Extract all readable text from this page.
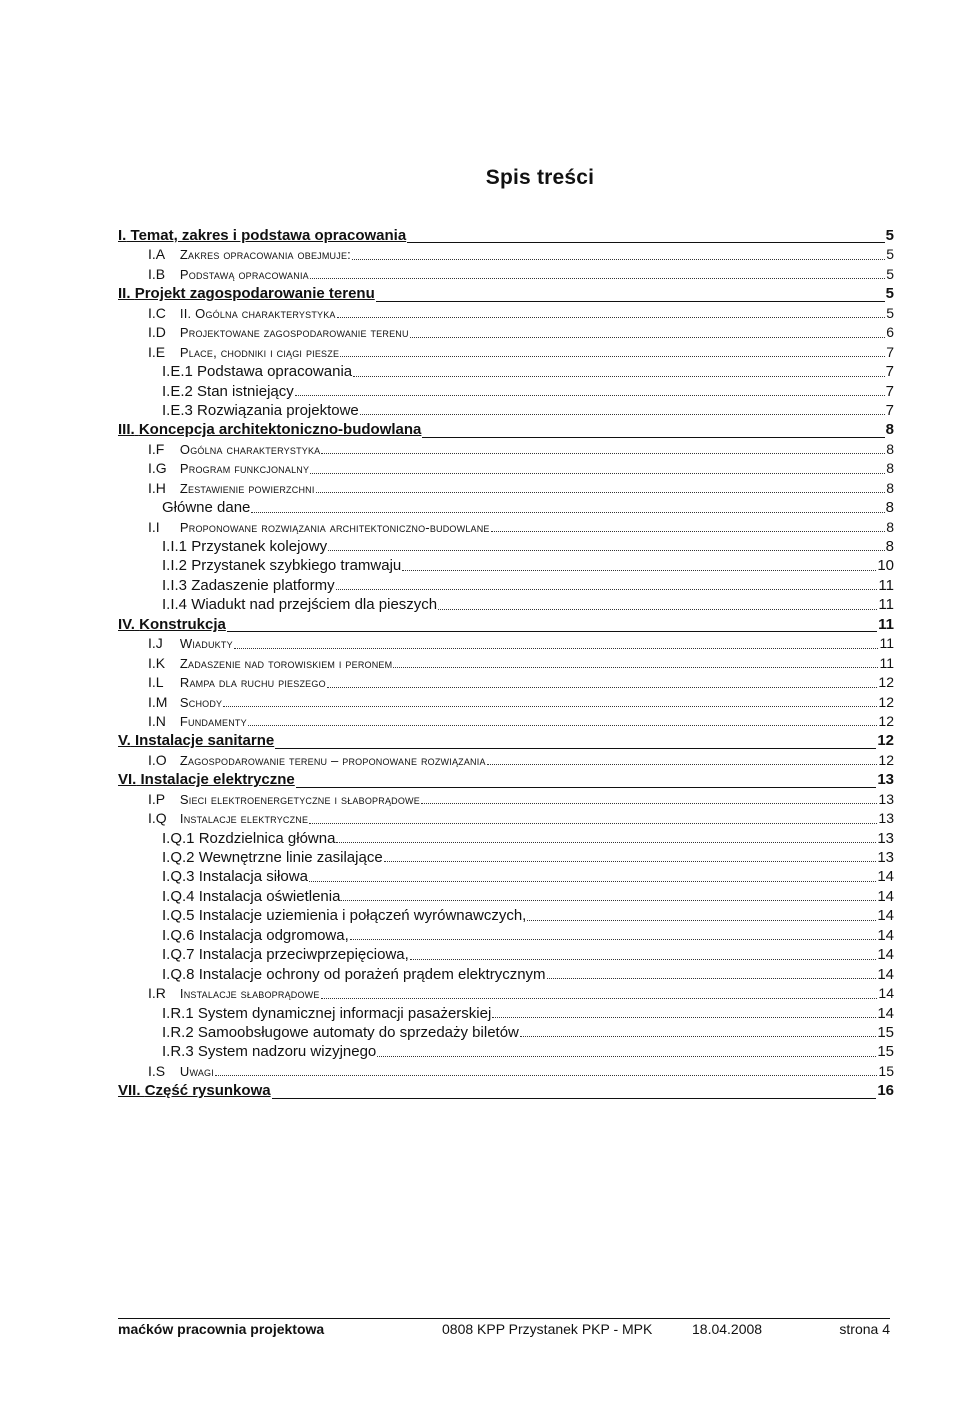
Spis treści
I. Temat, zakres i podstawa opracowania	5
I.A Zakres opracowania obejmuje:	5
I.B Podstawą opracowania	5
II. Projekt zagospodarowanie terenu	5
I.C II. Ogólna charakterystyka	5
I.D Projektowane zagospodarowanie terenu	6
I.E Place, chodniki i ciągi piesze	7
I.E.1 Podstawa opracowania	7
I.E.2 Stan istniejący	7
I.E.3 Rozwiązania projektowe	7
III. Koncepcja architektoniczno-budowlana	8
I.F Ogólna charakterystyka	8
I.G Program funkcjonalny	8
I.H Zestawienie powierzchni	8
Główne dane	8
I.I Proponowane rozwiązania architektoniczno-budowlane	8
I.I.1 Przystanek kolejowy	8
I.I.2 Przystanek szybkiego tramwaju	10
I.I.3 Zadaszenie platformy	11
I.I.4 Wiadukt nad przejściem dla pieszych	11
IV. Konstrukcja	11
I.J Wiadukty	11
I.K Zadaszenie nad torowiskiem i peronem	11
I.L Rampa dla ruchu pieszego	12
I.M Schody	12
I.N Fundamenty	12
V. Instalacje sanitarne	12
I.O Zagospodarowanie terenu – proponowane rozwiązania	12
VI. Instalacje elektryczne	13
I.P Sieci elektroenergetyczne i słaboprądowe	13
I.Q Instalacje elektryczne	13
I.Q.1 Rozdzielnica główna	13
I.Q.2 Wewnętrzne linie zasilające	13
I.Q.3 Instalacja siłowa	14
I.Q.4 Instalacja oświetlenia	14
I.Q.5 Instalacje uziemienia i połączeń wyrównawczych,	14
I.Q.6 Instalacja odgromowa,	14
I.Q.7 Instalacja przeciwprzepięciowa,	14
I.Q.8 Instalacje ochrony od porażeń prądem elektrycznym	14
I.R Instalacje słaboprądowe	14
I.R.1 System dynamicznej informacji pasażerskiej	14
I.R.2 Samoobsługowe automaty do sprzedaży biletów	15
I.R.3 System nadzoru wizyjnego	15
I.S Uwagi	15
VII. Część rysunkowa	16
maćków pracownia projektowa	0808 KPP Przystanek PKP - MPK	18.04.2008	strona 4
